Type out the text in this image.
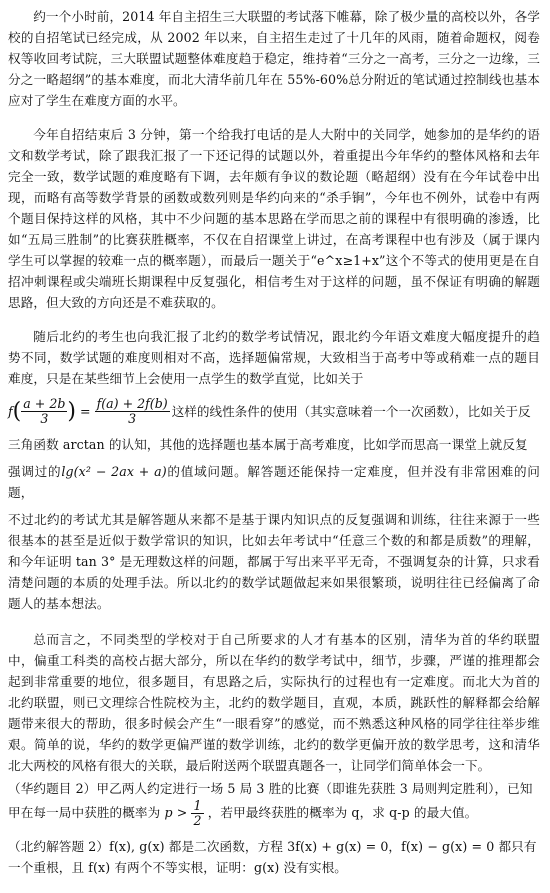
约一个小时前，2014 年自主招生三大联盟的考试落下帷幕，除了极少量的高校以外，各学校的自招笔试已经完成，从 2002 年以来，自主招生走过了十几年的风雨，随着命题权，阅卷权等收回考试院，三大联盟试题整体难度趋于稳定，维持着“三分之一高考，三分之一边缘，三分之一略超纲”的基本难度，而北大清华前几年在 55%-60%总分附近的笔试通过控制线也基本应对了学生在难度方面的水平。

今年自招结束后 3 分钟，第一个给我打电话的是人大附中的关同学，她参加的是华约的语文和数学考试，除了跟我汇报了一下还记得的试题以外，着重提出今年华约的整体风格和去年完全一致，数学试题的难度略有下调，去年颇有争议的数论题（略超纲）没有在今年试卷中出现，而略有高等数学背景的函数或数列则是华约向来的“杀手锏”，今年也不例外，试卷中有两个题目保持这样的风格，其中不少问题的基本思路在学而思之前的课程中有很明确的渗透，比如“五局三胜制”的比赛获胜概率，不仅在自招课堂上讲过，在高考课程中也有涉及（属于课内学生可以掌握的较难一点的概率题），而最后一题关于“e^x≥1+x”这个不等式的使用更是在自招冲刺课程或尖端班长期课程中反复强化，相信考生对于这样的问题，虽不保证有明确的解题思路，但大致的方向还是不难获取的。

随后北约的考生也向我汇报了北约的数学考试情况，跟北约今年语文难度大幅度提升的趋势不同，数学试题的难度则相对不高，选择题偏常规，大致相当于高考中等或稍难一点的题目难度，只是在某些细节上会使用一点学生的数学直觉，比如关于

f ( $\frac{a + 2b}{3}$ ) = $\frac{f(a) + 2f(b)}{3}$ 这样的线性条件的使用（其实意味着一个一次函数），比如关于反

三角函数 arctan 的认知，其他的选择题也基本属于高考难度，比如学而思高一课堂上就反复

强调过的lg(x² − 2ax + a)的值域问题。解答题还能保持一定难度，但并没有非常困难的问题，

不过北约的考试尤其是解答题从来都不是基于课内知识点的反复强调和训练，往往来源于一些很基本的甚至是近似于数学常识的知识，比如去年考试中“任意三个数的和都是质数”的理解，和今年证明 tan 3° 是无理数这样的问题，都属于写出来平平无奇，不强调复杂的计算，只求看清楚问题的本质的处理手法。所以北约的数学试题做起来如果很繁琐，说明往往已经偏离了命题人的基本想法。

总而言之，不同类型的学校对于自己所要求的人才有基本的区别，清华为首的华约联盟中，偏重工科类的高校占据大部分，所以在华约的数学考试中，细节，步骤，严谨的推理都会起到非常重要的地位，很多题目，有思路之后，实际执行的过程也有一定难度。而北大为首的北约联盟，则已文理综合性院校为主，北约的数学题目，直观，本质，跳跃性的解释都会给解题带来很大的帮助，很多时候会产生“一眼看穿”的感觉，而不熟悉这种风格的同学往往举步维艰。简单的说，华约的数学更偏严谨的数学训练，北约的数学更偏开放的数学思考，这和清华北大两校的风格有很大的关联，最后附送两个联盟真题各一，让同学们简单体会一下。

（华约题目 2）甲乙两人约定进行一场 5 局 3 胜的比赛（即谁先获胜 3 局则判定胜利），已知
甲在每一局中获胜的概率为 $p > \frac{1}{2}$ ，若甲最终获胜的概率为 q，求 q-p 的最大值。

（北约解答题 2）f(x), g(x) 都是二次函数，方程 3f(x) + g(x) = 0，f(x) − g(x) = 0 都只有
一个重根，且 f(x) 有两个不等实根，证明：g(x) 没有实根。
